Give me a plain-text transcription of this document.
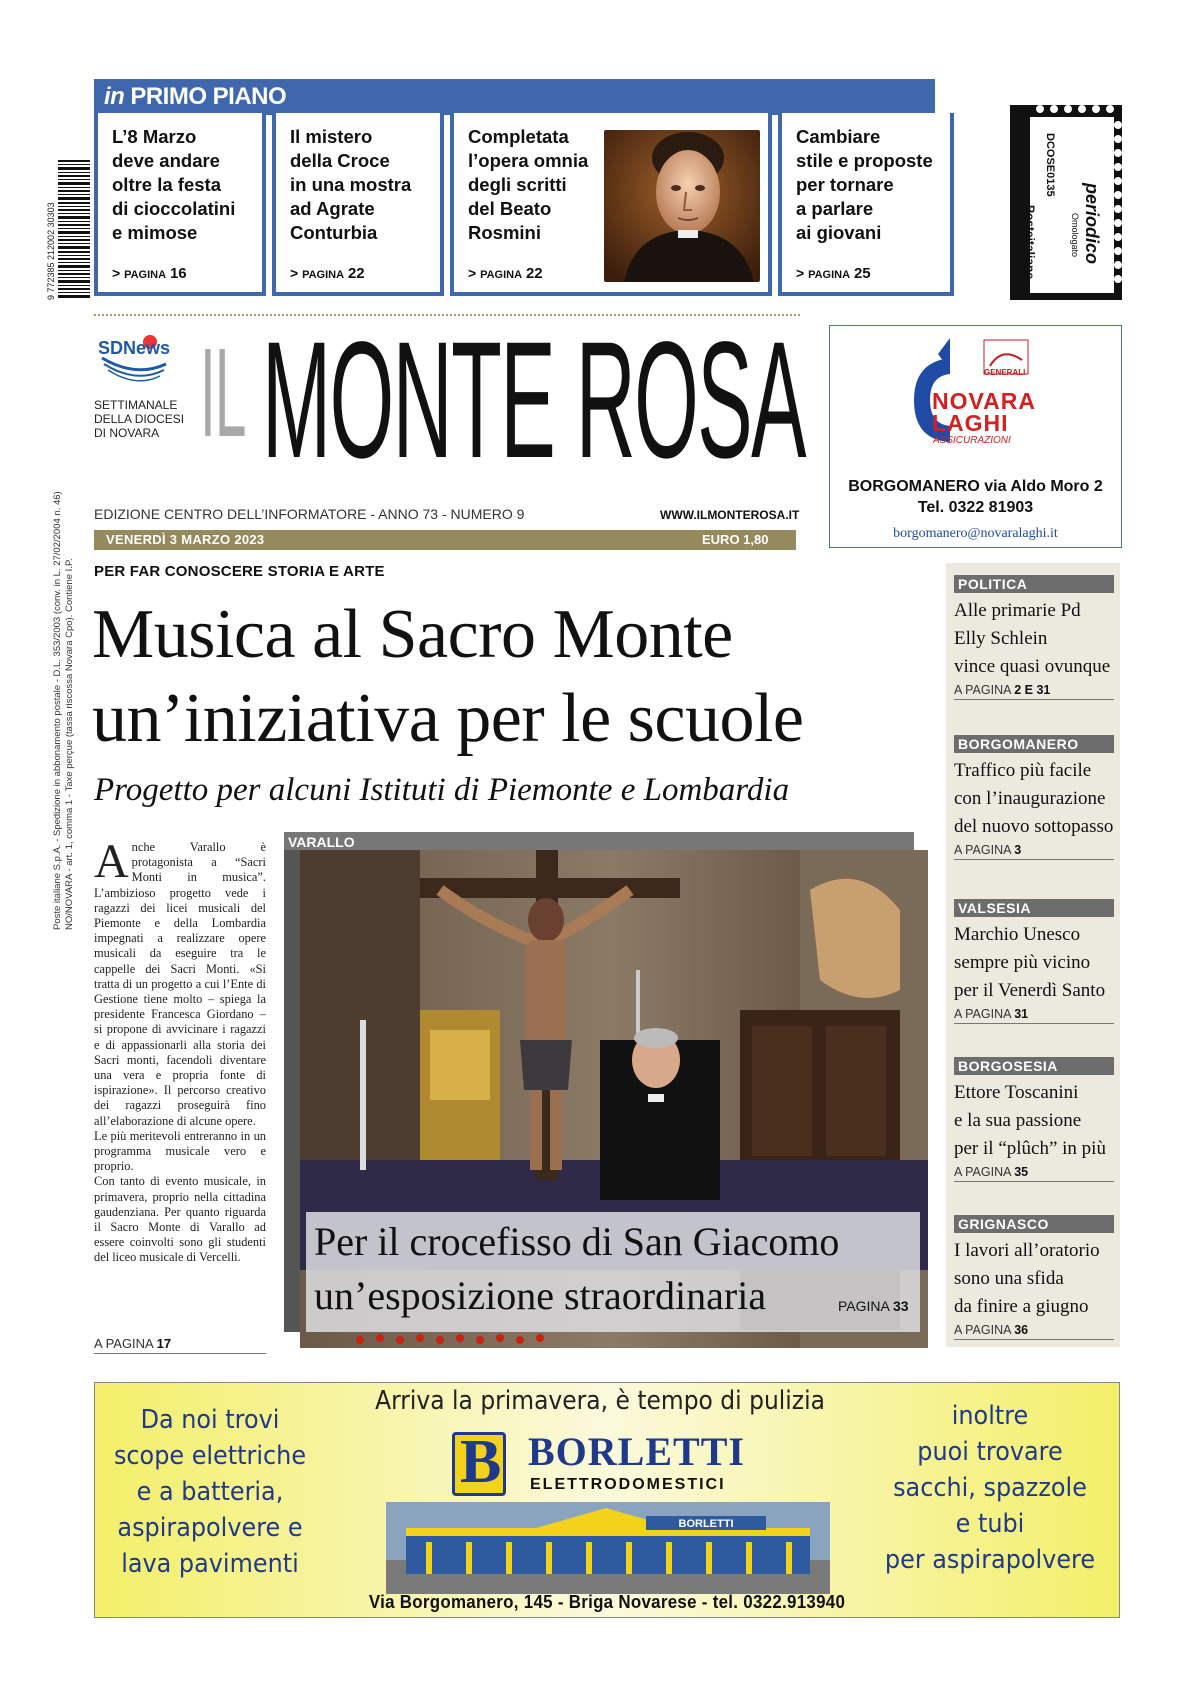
in PRIMO PIANO
L’8 Marzo
deve andare
oltre la festa
di cioccolatini
e mimose
> PAGINA 16
Il mistero
della Croce
in una mostra
ad Agrate
Conturbia
> PAGINA 22
Completata
l’opera omnia
degli scritti
del Beato
Rosmini
> PAGINA 22
Cambiare
stile e proposte
per tornare
a parlare
ai giovani
> PAGINA 25
9 772385 212002 30303	periodico
Omologato
DCOSE0135
Posteitaliane
SDNews
SETTIMANALE
DELLA DIOCESI
DI NOVARA IL MONTE ROSA
EDIZIONE CENTRO DELL’INFORMATORE - ANNO 73 - NUMERO 9	WWW.ILMONTEROSA.IT
VENERDÌ 3 MARZO 2023	EURO 1,80
GENERALI
NOVARA
LAGHI
ASSICURAZIONI
BORGOMANERO via Aldo Moro 2
Tel. 0322 81903
borgomanero@novaralaghi.it
Poste italiane S.p.A. - Spedizione in abbonamento postale - D.L. 353/2003 (conv. in L. 27/02/2004 n. 46) NO/NOVARA - art. 1, comma 1 - Taxe perçue (tassa riscossa Novara Cpo). Contiene I.P. PER FAR CONOSCERE STORIA E ARTE
Musica al Sacro Monte
un’iniziativa per le scuole
Progetto per alcuni Istituti di Piemonte e Lombardia

Anche Varallo è protagonista a “Sacri Monti in musica”. L’ambizioso progetto vede i ragazzi dei licei musicali del Piemonte e della Lombardia impegnati a realizzare opere musicali da eseguire tra le cappelle dei Sacri Monti. «Si tratta di un progetto a cui l’Ente di Gestione tiene molto – spiega la presidente Francesca Giordano – si propone di avvicinare i ragazzi e di appassionarli alla storia dei Sacri monti, facendoli diventare una vera e propria fonte di ispirazione». Il percorso creativo dei ragazzi proseguirà fino all’elaborazione di alcune opere.

Le più meritevoli entreranno in un programma musicale vero e proprio.

Con tanto di evento musicale, in primavera, proprio nella cittadina gaudenziana. Per quanto riguarda il Sacro Monte di Varallo ad essere coinvolti sono gli studenti del liceo musicale di Vercelli.

A PAGINA 17
VARALLO
Per il crocefisso di San Giacomo
un’esposizione straordinaria	PAGINA 33
POLITICA
Alle primarie Pd
Elly Schlein
vince quasi ovunque
A PAGINA 2 E 31
BORGOMANERO
Traffico più facile
con l’inaugurazione
del nuovo sottopasso
A PAGINA 3
VALSESIA
Marchio Unesco
sempre più vicino
per il Venerdì Santo
A PAGINA 31
BORGOSESIA
Ettore Toscanini
e la sua passione
per il “plûch” in più
A PAGINA 35
GRIGNASCO
I lavori all’oratorio
sono una sfida
da finire a giugno
A PAGINA 36
Arriva la primavera, è tempo di pulizia
Da noi trovi
scope elettriche
e a batteria,
aspirapolvere e
lava pavimenti
inoltre
puoi trovare
sacchi, spazzole
e tubi
per aspirapolvere
B BORLETTI
ELETTRODOMESTICI
BORLETTI
Via Borgomanero, 145 - Briga Novarese - tel. 0322.913940
